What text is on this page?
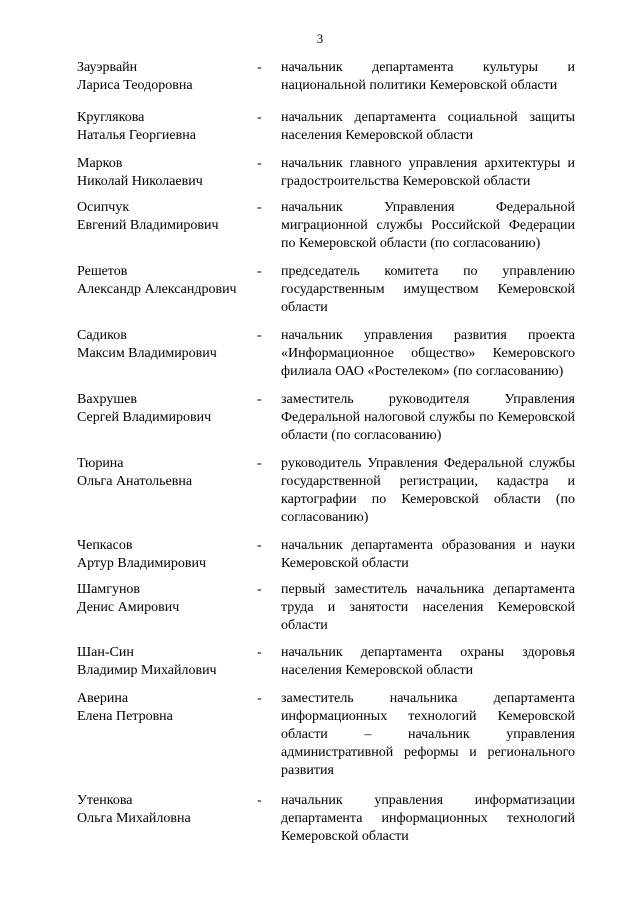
3
Зауэрвайн
Лариса Теодоровна
-	начальник департамента культуры и национальной политики Кемеровской области
Круглякова
Наталья Георгиевна
-	начальник департамента социальной защиты населения Кемеровской области
Марков
Николай Николаевич
-	начальник главного управления архитектуры и градостроительства Кемеровской области
Осипчук
Евгений Владимирович
-	начальник Управления Федеральной миграционной службы Российской Федерации по Кемеровской области (по согласованию)
Решетов
Александр Александрович
-	председатель комитета по управлению государственным имуществом Кемеровской области
Садиков
Максим Владимирович
-	начальник управления развития проекта «Информационное общество» Кемеровского филиала ОАО «Ростелеком» (по согласованию)
Вахрушев
Сергей Владимирович
-	заместитель руководителя Управления Федеральной налоговой службы по Кемеровской области (по согласованию)
Тюрина
Ольга Анатольевна
-	руководитель Управления Федеральной службы государственной регистрации, кадастра и картографии по Кемеровской области (по согласованию)
Чепкасов
Артур Владимирович
-	начальник департамента образования и науки Кемеровской области
Шамгунов
Денис Амирович
-	первый заместитель начальника департамента труда и занятости населения Кемеровской области
Шан-Син
Владимир Михайлович
-	начальник департамента охраны здоровья населения Кемеровской области
Аверина
Елена Петровна
-	заместитель начальника департамента информационных технологий Кемеровской области – начальник управления административной реформы и регионального развития
Утенкова
Ольга Михайловна
-	начальник управления информатизации департамента информационных технологий Кемеровской области
